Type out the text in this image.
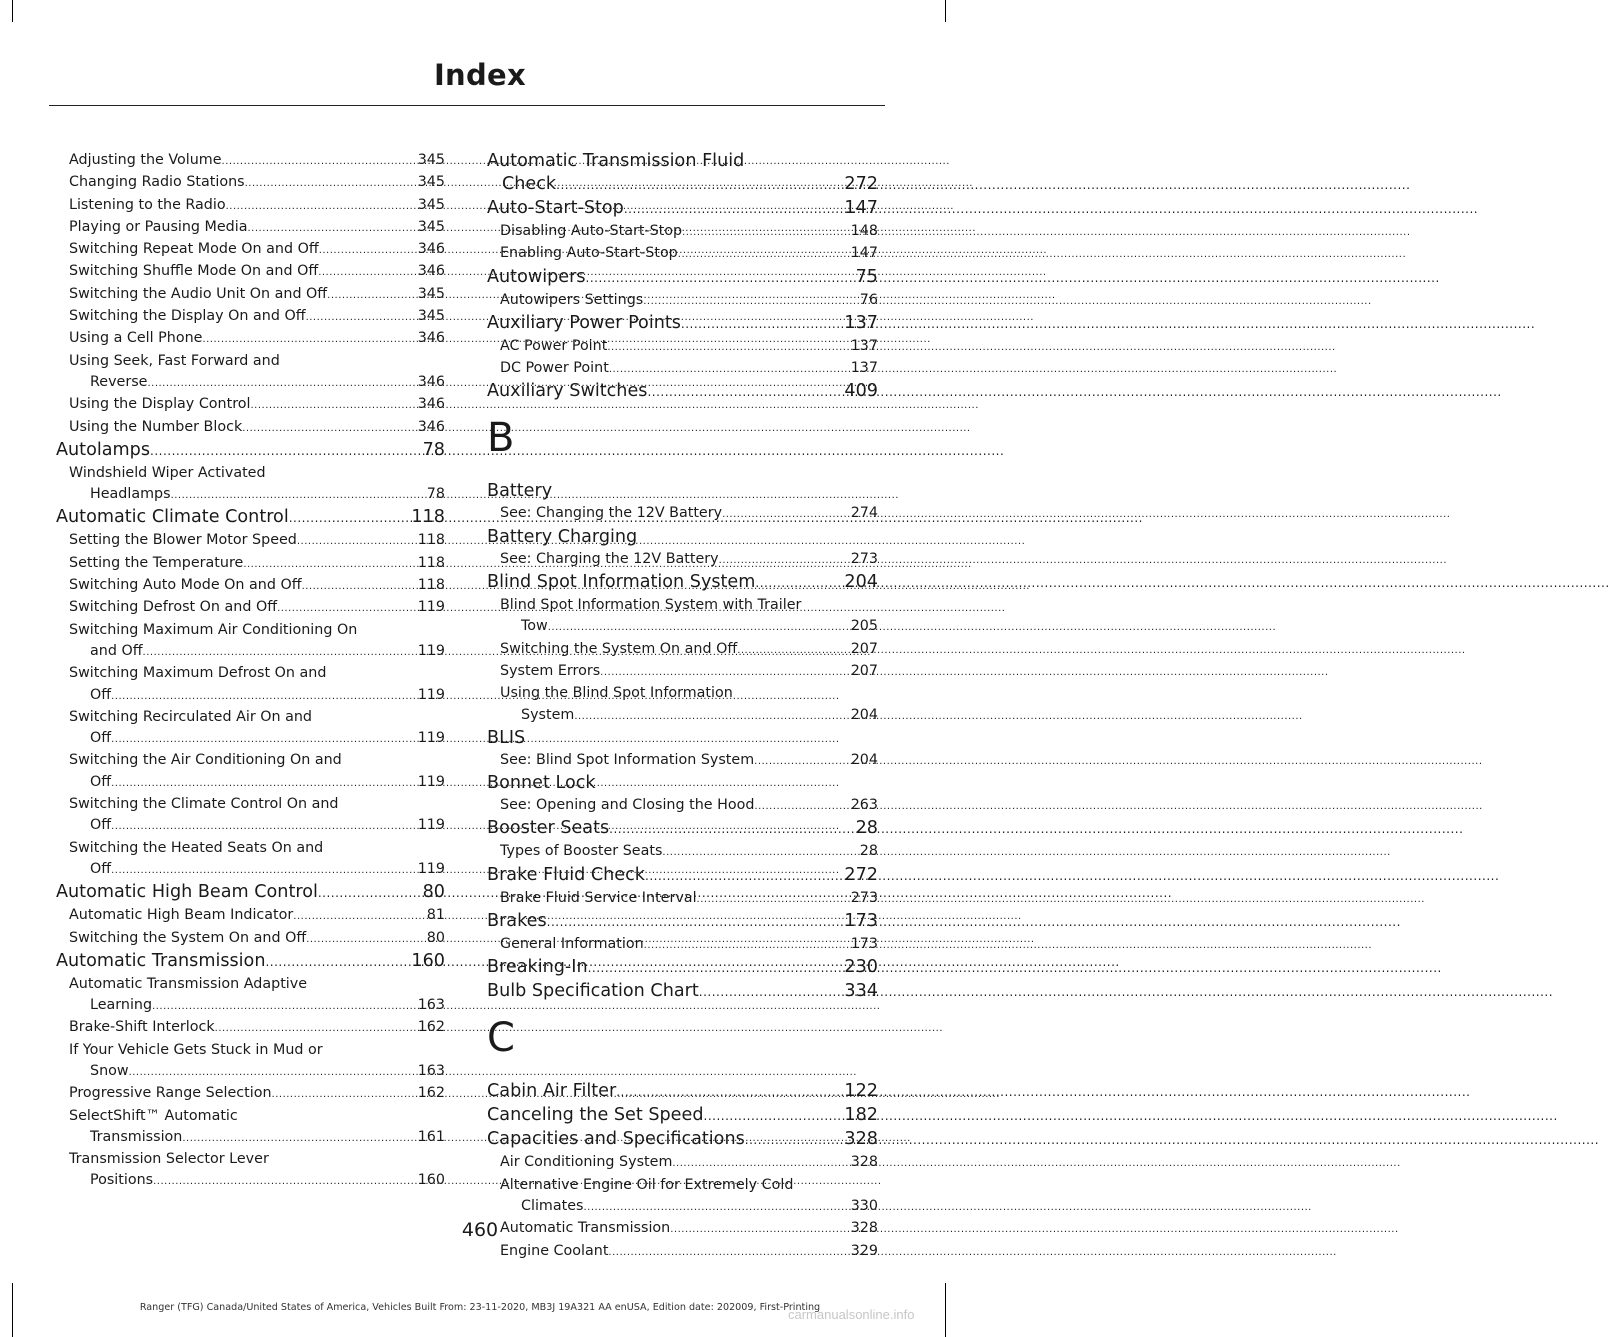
Index
Adjusting the Volume .....	345
Changing Radio Stations .....	345
Listening to the Radio .....	345
Playing or Pausing Media .....	345
Switching Repeat Mode On and Off .....	346
Switching Shuffle Mode On and Off .....	346
Switching the Audio Unit On and Off .....	345
Switching the Display On and Off .....	345
Using a Cell Phone .....	346
Using Seek, Fast Forward and
Reverse .....	346
Using the Display Control .....	346
Using the Number Block .....	346
Autolamps .....	78
Windshield Wiper Activated
Headlamps .....	78
Automatic Climate Control .....	118
Setting the Blower Motor Speed .....	118
Setting the Temperature .....	118
Switching Auto Mode On and Off .....	118
Switching Defrost On and Off .....	119
Switching Maximum Air Conditioning On
and Off .....	119
Switching Maximum Defrost On and
Off .....	119
Switching Recirculated Air On and
Off .....	119
Switching the Air Conditioning On and
Off .....	119
Switching the Climate Control On and
Off .....	119
Switching the Heated Seats On and
Off .....	119
Automatic High Beam Control .....	80
Automatic High Beam Indicator .....	81
Switching the System On and Off .....	80
Automatic Transmission .....	160
Automatic Transmission Adaptive
Learning .....	163
Brake-Shift Interlock .....	162
If Your Vehicle Gets Stuck in Mud or
Snow .....	163
Progressive Range Selection .....	162
SelectShift™ Automatic
Transmission .....	161
Transmission Selector Lever
Positions .....	160
Automatic Transmission Fluid
Check .....	272
Auto-Start-Stop .....	147
Disabling Auto-Start-Stop .....	148
Enabling Auto-Start-Stop .....	147
Autowipers .....	75
Autowipers Settings .....	76
Auxiliary Power Points .....	137
AC Power Point .....	137
DC Power Point .....	137
Auxiliary Switches .....	409
B
Battery
See: Changing the 12V Battery .....	274
Battery Charging
See: Charging the 12V Battery .....	273
Blind Spot Information System .....	204
Blind Spot Information System with Trailer
Tow .....	205
Switching the System On and Off .....	207
System Errors .....	207
Using the Blind Spot Information
System .....	204
BLIS
See: Blind Spot Information System .....	204
Bonnet Lock
See: Opening and Closing the Hood .....	263
Booster Seats .....	28
Types of Booster Seats .....	28
Brake Fluid Check .....	272
Brake Fluid Service Interval .....	273
Brakes .....	173
General Information .....	173
Breaking-In .....	230
Bulb Specification Chart .....	334
C
Cabin Air Filter .....	122
Canceling the Set Speed .....	182
Capacities and Specifications .....	328
Air Conditioning System .....	328
Alternative Engine Oil for Extremely Cold
Climates .....	330
Automatic Transmission .....	328
Engine Coolant .....	329
460
Ranger (TFG) Canada/United States of America, Vehicles Built From: 23-11-2020, MB3J 19A321 AA enUSA, Edition date: 202009, First-Printing
carmanualsonline.info
